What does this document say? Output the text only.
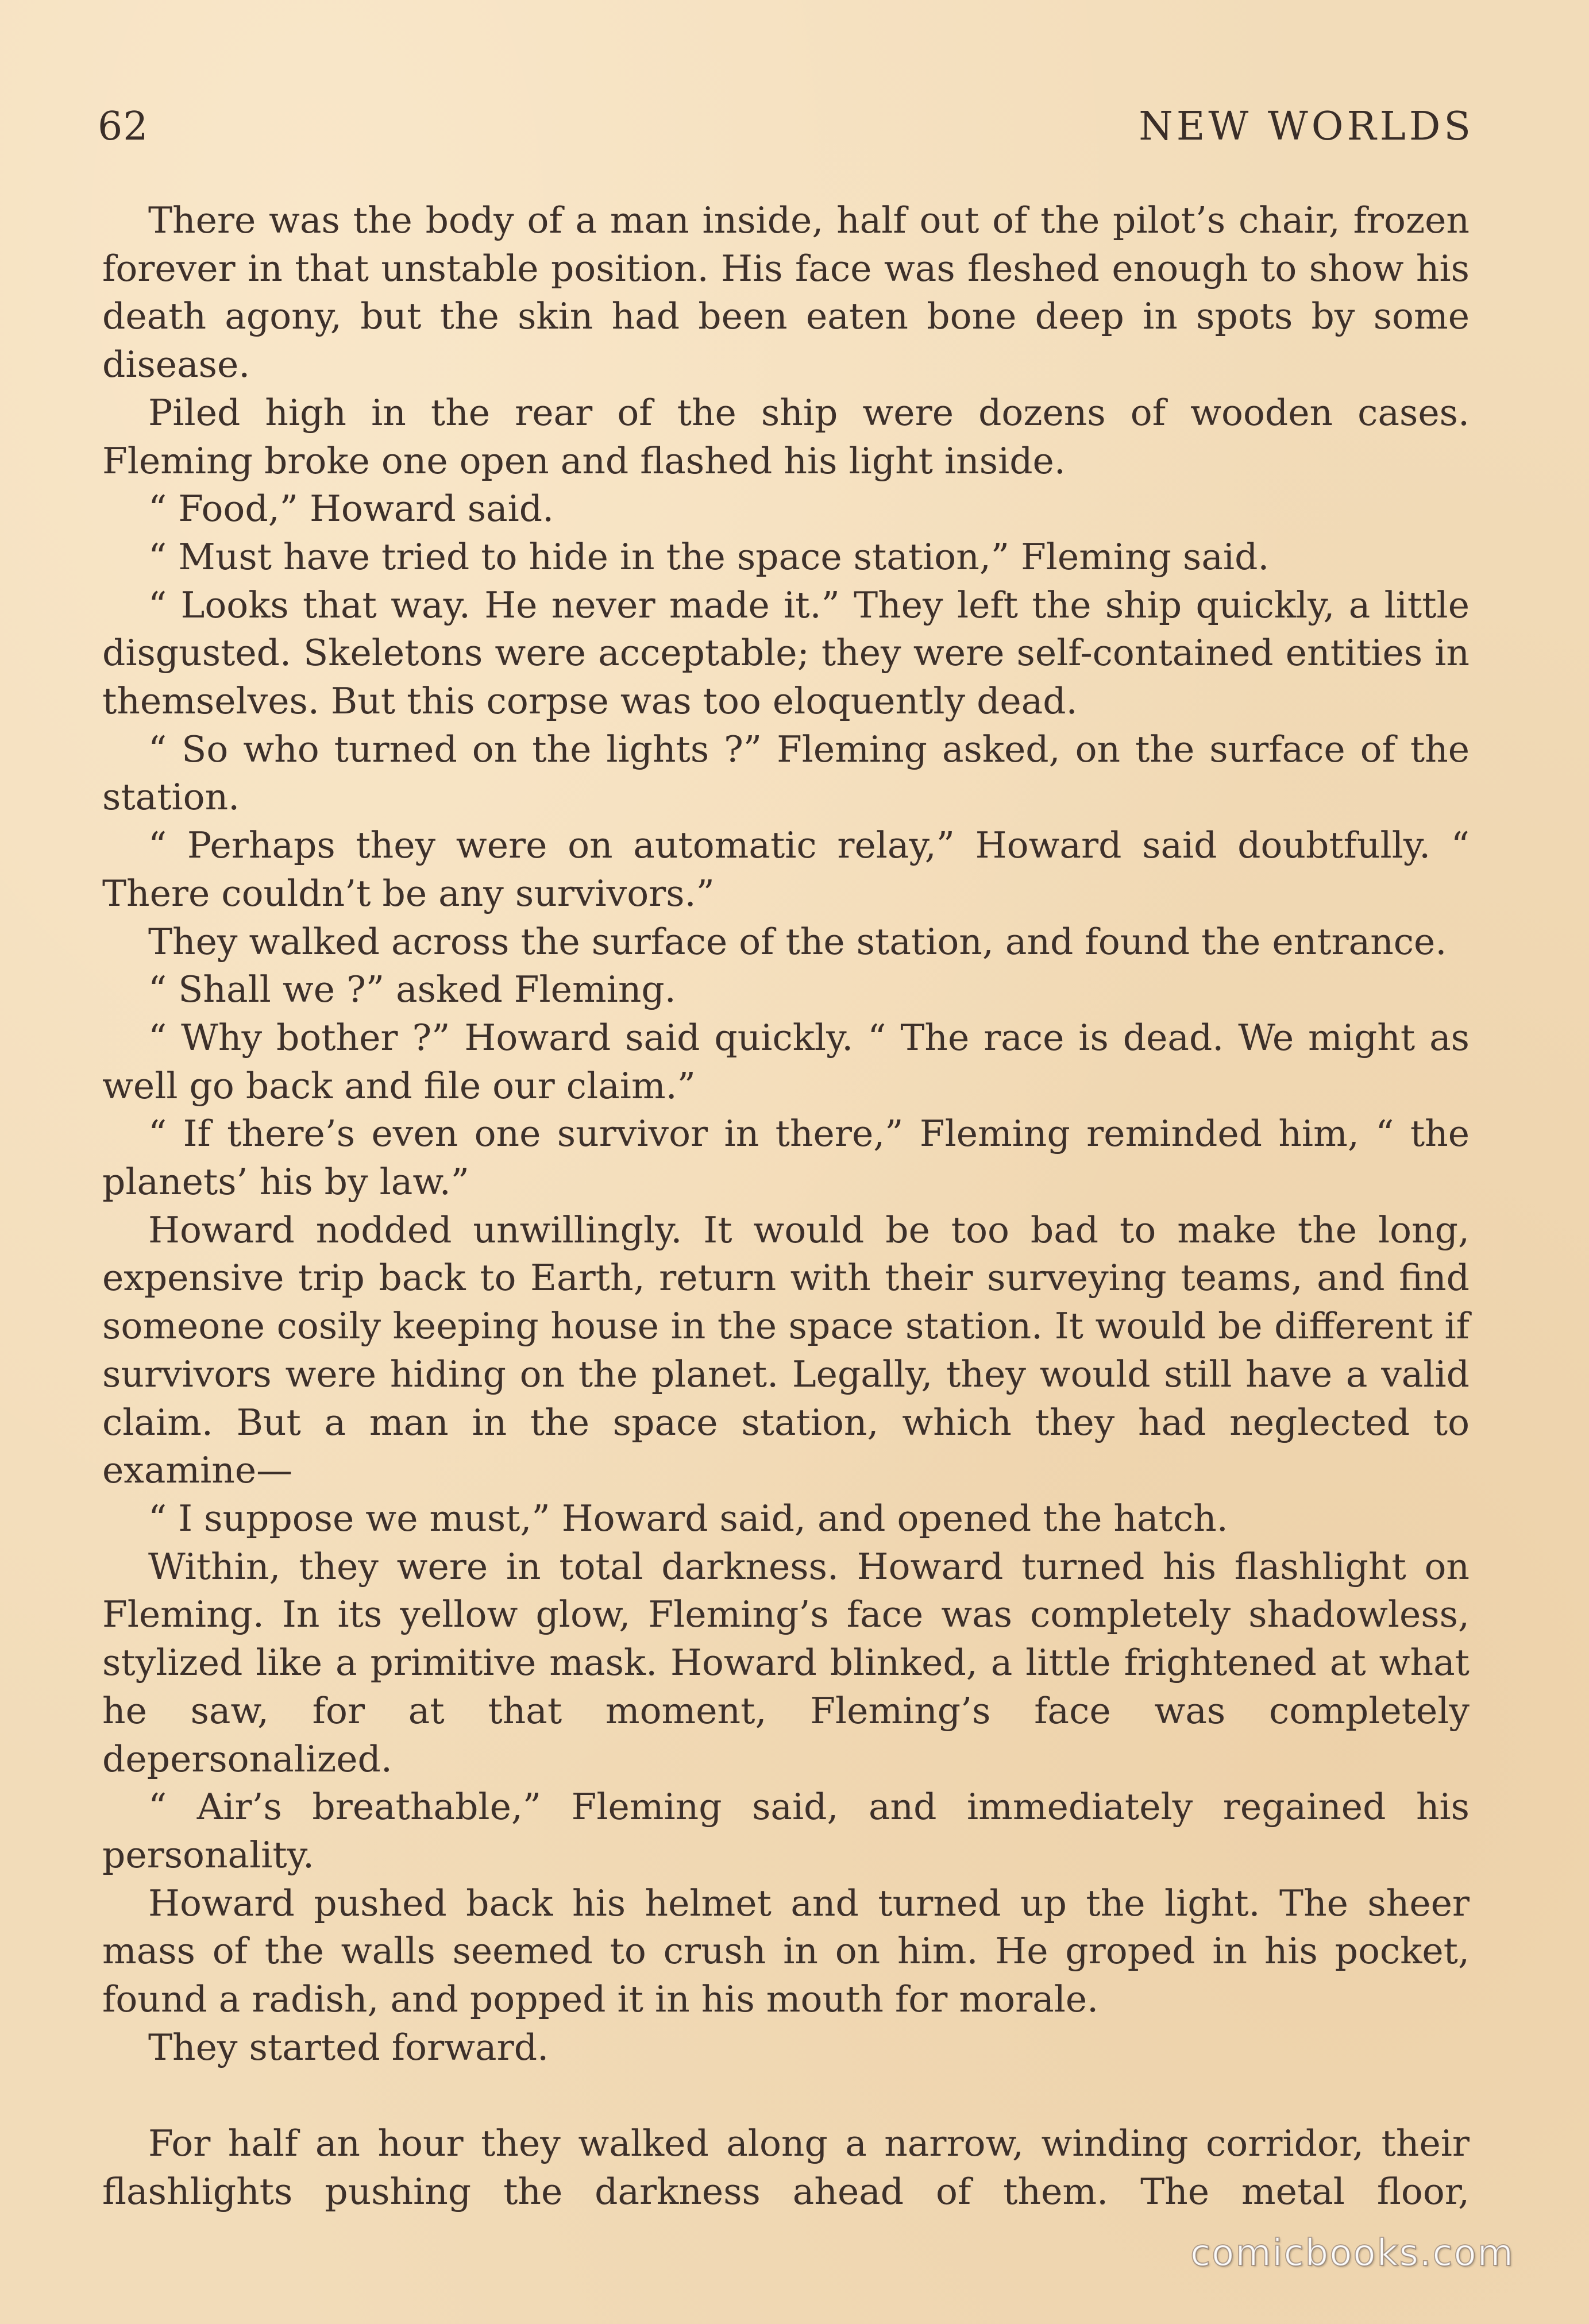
62	NEW WORLDS

There was the body of a man inside, half out of the pilot’s chair, frozen forever in that unstable position. His face was fleshed enough to show his death agony, but the skin had been eaten bone deep in spots by some disease.

Piled high in the rear of the ship were dozens of wooden cases. Fleming broke one open and flashed his light inside.

“ Food,” Howard said.

“ Must have tried to hide in the space station,” Fleming said.

“ Looks that way. He never made it.” They left the ship quickly, a little disgusted. Skeletons were acceptable; they were self-contained entities in themselves. But this corpse was too eloquently dead.

“ So who turned on the lights ?” Fleming asked, on the surface of the station.

“ Perhaps they were on automatic relay,” Howard said doubtfully. “ There couldn’t be any survivors.”

They walked across the surface of the station, and found the entrance.

“ Shall we ?” asked Fleming.

“ Why bother ?” Howard said quickly. “ The race is dead. We might as well go back and file our claim.”

“ If there’s even one survivor in there,” Fleming reminded him, “ the planets’ his by law.”

Howard nodded unwillingly. It would be too bad to make the long, expensive trip back to Earth, return with their surveying teams, and find someone cosily keeping house in the space station. It would be different if survivors were hiding on the planet. Legally, they would still have a valid claim. But a man in the space station, which they had neglected to examine—

“ I suppose we must,” Howard said, and opened the hatch.

Within, they were in total darkness. Howard turned his flashlight on Fleming. In its yellow glow, Fleming’s face was completely shadowless, stylized like a primitive mask. Howard blinked, a little frightened at what he saw, for at that moment, Fleming’s face was completely depersonalized.

“ Air’s breathable,” Fleming said, and immediately regained his personality.

Howard pushed back his helmet and turned up the light. The sheer mass of the walls seemed to crush in on him. He groped in his pocket, found a radish, and popped it in his mouth for morale.

They started forward.

For half an hour they walked along a narrow, winding corridor, their flashlights pushing the darkness ahead of them. The metal floor,

comicbooks.com
